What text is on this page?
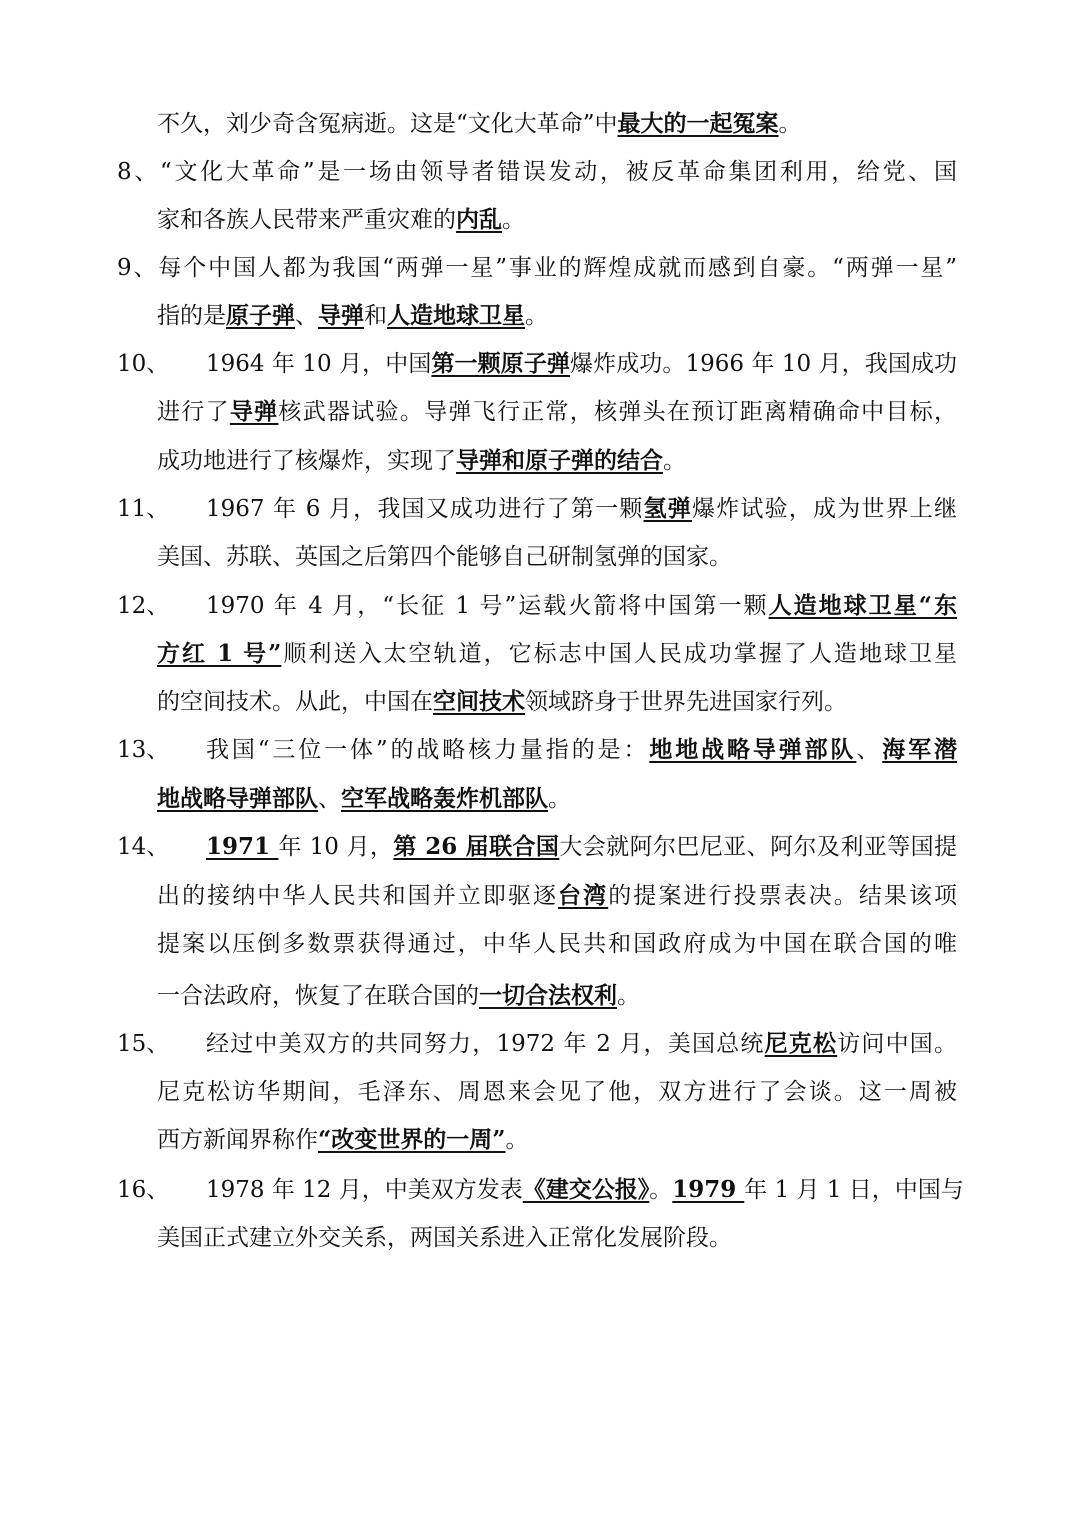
不久，刘少奇含冤病逝。这是“文化大革命”中最大的一起冤案。
8、“文化大革命”是一场由领导者错误发动，被反革命集团利用，给党、国
家和各族人民带来严重灾难的内乱。
9、每个中国人都为我国“两弹一星”事业的辉煌成就而感到自豪。“两弹一星”
指的是原子弹、导弹和人造地球卫星。
10、 1964 年 10 月，中国第一颗原子弹爆炸成功。1966 年 10 月，我国成功
进行了导弹核武器试验。导弹飞行正常，核弹头在预订距离精确命中目标，
成功地进行了核爆炸，实现了导弹和原子弹的结合。
11、 1967 年 6 月，我国又成功进行了第一颗氢弹爆炸试验，成为世界上继
美国、苏联、英国之后第四个能够自己研制氢弹的国家。
12、 1970 年 4 月，“长征 1 号”运载火箭将中国第一颗人造地球卫星“东
方红 1 号”顺利送入太空轨道，它标志中国人民成功掌握了人造地球卫星
的空间技术。从此，中国在空间技术领域跻身于世界先进国家行列。
13、 我国“三位一体”的战略核力量指的是：地地战略导弹部队、海军潜
地战略导弹部队、空军战略轰炸机部队。
14、 1971 年 10 月，第 26 届联合国大会就阿尔巴尼亚、阿尔及利亚等国提
出的接纳中华人民共和国并立即驱逐台湾的提案进行投票表决。结果该项
提案以压倒多数票获得通过，中华人民共和国政府成为中国在联合国的唯
一合法政府，恢复了在联合国的一切合法权利。
15、 经过中美双方的共同努力，1972 年 2 月，美国总统尼克松访问中国。
尼克松访华期间，毛泽东、周恩来会见了他，双方进行了会谈。这一周被
西方新闻界称作“改变世界的一周”。
16、 1978 年 12 月，中美双方发表《建交公报》。1979 年 1 月 1 日，中国与
美国正式建立外交关系，两国关系进入正常化发展阶段。
